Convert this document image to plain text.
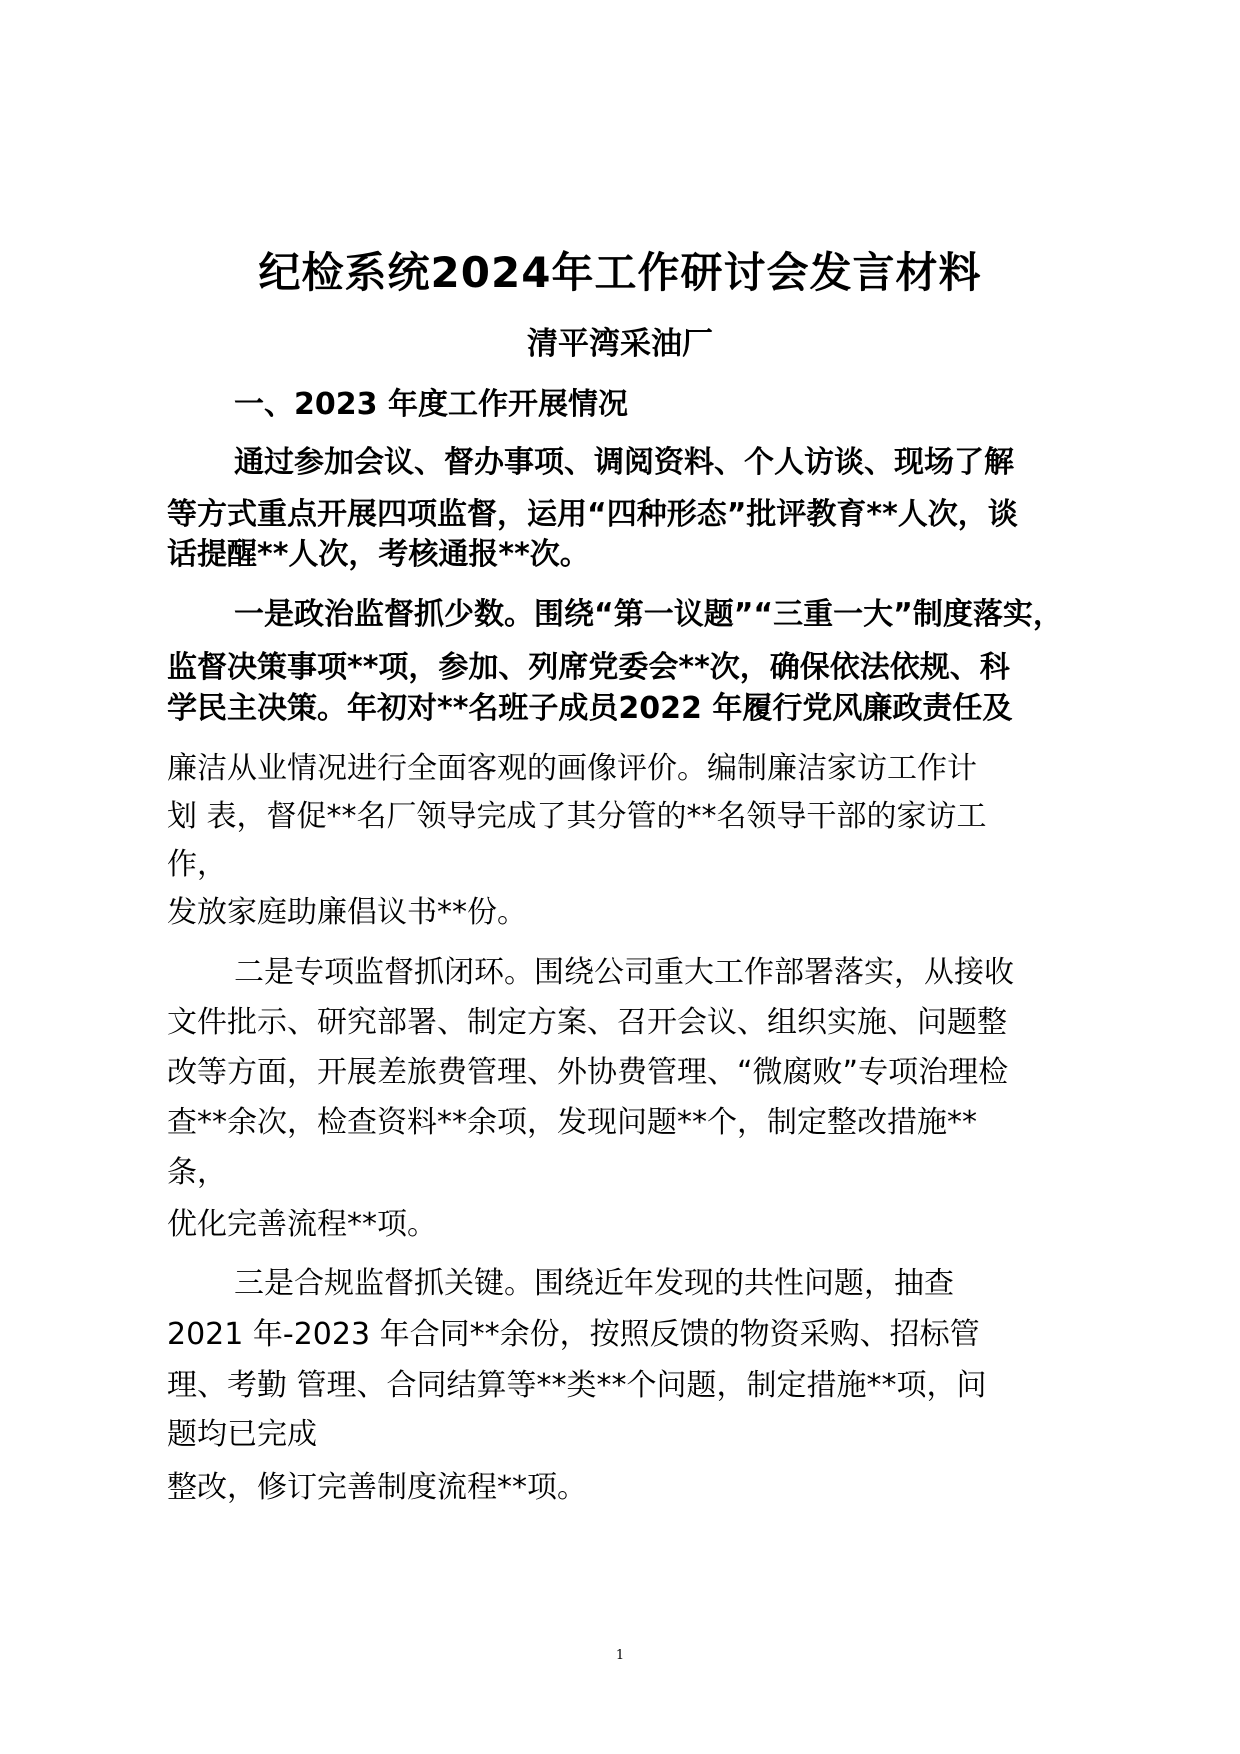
纪检系统2024年工作研讨会发言材料
清平湾采油厂
一、2023 年度工作开展情况
通过参加会议、督办事项、调阅资料、个人访谈、现场了解
等方式重点开展四项监督，运用“四种形态”批评教育**人次，谈
话提醒**人次，考核通报**次。
一是政治监督抓少数。围绕“第一议题”“三重一大”制度落实，
监督决策事项**项，参加、列席党委会**次，确保依法依规、科
学民主决策。年初对**名班子成员2022 年履行党风廉政责任及
廉洁从业情况进行全面客观的画像评价。编制廉洁家访工作计
划 表，督促**名厂领导完成了其分管的**名领导干部的家访工
作，
发放家庭助廉倡议书**份。
二是专项监督抓闭环。围绕公司重大工作部署落实，从接收
文件批示、研究部署、制定方案、召开会议、组织实施、问题整
改等方面，开展差旅费管理、外协费管理、“微腐败”专项治理检
查**余次，检查资料**余项，发现问题**个，制定整改措施**
条，
优化完善流程**项。
三是合规监督抓关键。围绕近年发现的共性问题，抽查
2021 年-2023 年合同**余份，按照反馈的物资采购、招标管
理、考勤 管理、合同结算等**类**个问题，制定措施**项，问
题均已完成
整改，修订完善制度流程**项。
1
